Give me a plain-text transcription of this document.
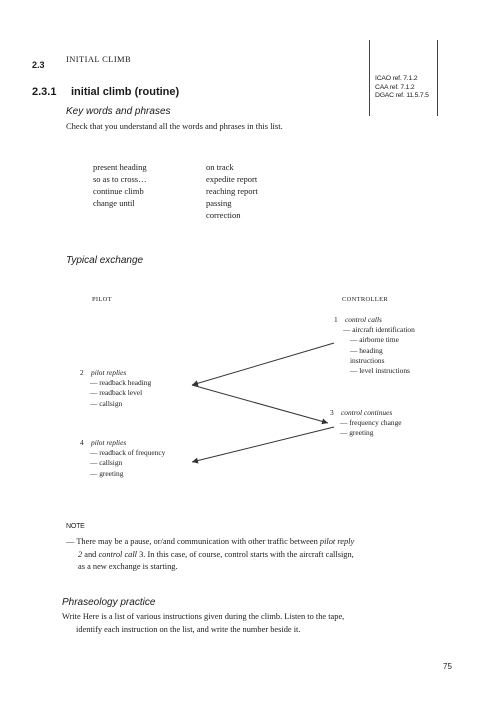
2.3
INITIAL CLIMB
2.3.1 initial climb (routine)
ICAO ref. 7.1.2
CAA ref. 7.1.2
DGAC ref. 11.5.7.5
Key words and phrases
Check that you understand all the words and phrases in this list.
present heading
so as to cross…
continue climb
change until
on track
expedite report
reaching report
passing
correction
Typical exchange
PILOT	CONTROLLER
1 control calls
— aircraft identification
— airborne time
— heading
instructions
— level instructions
2 pilot replies
— readback heading
— readback level
— callsign
3 control continues
— frequency change
— greeting
4 pilot replies
— readback of frequency
— callsign
— greeting
NOTE
— There may be a pause, or/and communication with other traffic between pilot reply
2 and control call 3. In this case, of course, control starts with the aircraft callsign,
as a new exchange is starting.
Phraseology practice
Write Here is a list of various instructions given during the climb. Listen to the tape,
identify each instruction on the list, and write the number beside it.
75
